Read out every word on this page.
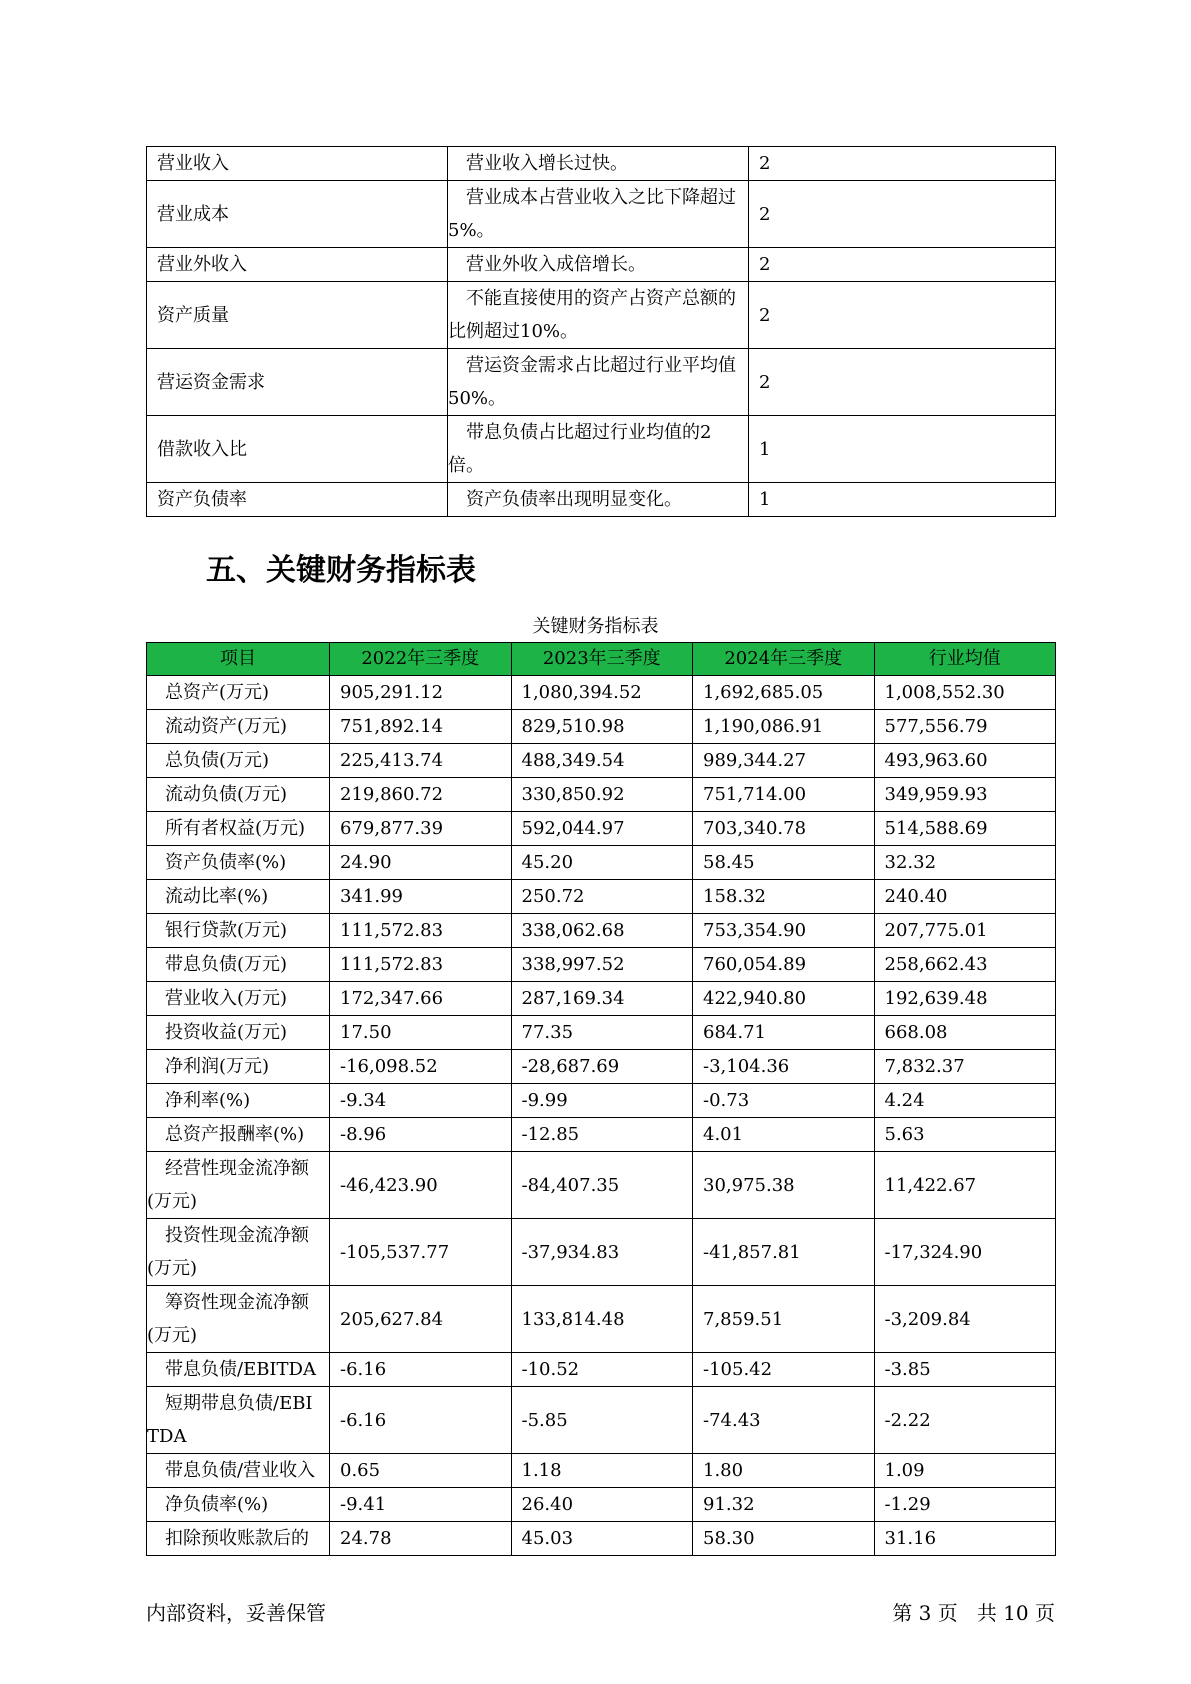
营业收入	营业收入增长过快。	2
营业成本	营业成本占营业收入之比下降超过5%。	2
营业外收入	营业外收入成倍增长。	2
资产质量	不能直接使用的资产占资产总额的比例超过10%。	2
营运资金需求	营运资金需求占比超过行业平均值50%。	2
借款收入比	带息负债占比超过行业均值的2倍。	1
资产负债率	资产负债率出现明显变化。	1
五、关键财务指标表
关键财务指标表
项目	2022年三季度	2023年三季度	2024年三季度	行业均值

总资产(万元)	905,291.12	1,080,394.52	1,692,685.05	1,008,552.30

流动资产(万元)	751,892.14	829,510.98	1,190,086.91	577,556.79

总负债(万元)	225,413.74	488,349.54	989,344.27	493,963.60

流动负债(万元)	219,860.72	330,850.92	751,714.00	349,959.93

所有者权益(万元)	679,877.39	592,044.97	703,340.78	514,588.69

资产负债率(%)	24.90	45.20	58.45	32.32

流动比率(%)	341.99	250.72	158.32	240.40

银行贷款(万元)	111,572.83	338,062.68	753,354.90	207,775.01

带息负债(万元)	111,572.83	338,997.52	760,054.89	258,662.43

营业收入(万元)	172,347.66	287,169.34	422,940.80	192,639.48

投资收益(万元)	17.50	77.35	684.71	668.08

净利润(万元)	-16,098.52	-28,687.69	-3,104.36	7,832.37

净利率(%)	-9.34	-9.99	-0.73	4.24

总资产报酬率(%)	-8.96	-12.85	4.01	5.63

经营性现金流净额(万元)	-46,423.90	-84,407.35	30,975.38	11,422.67

投资性现金流净额(万元)	-105,537.77	-37,934.83	-41,857.81	-17,324.90

筹资性现金流净额(万元)	205,627.84	133,814.48	7,859.51	-3,209.84

带息负债/EBITDA	-6.16	-10.52	-105.42	-3.85

短期带息负债/EBITDA	-6.16	-5.85	-74.43	-2.22

带息负债/营业收入	0.65	1.18	1.80	1.09

净负债率(%)	-9.41	26.40	91.32	-1.29

扣除预收账款后的	24.78	45.03	58.30	31.16
内部资料，妥善保管	第 3 页   共 10 页
